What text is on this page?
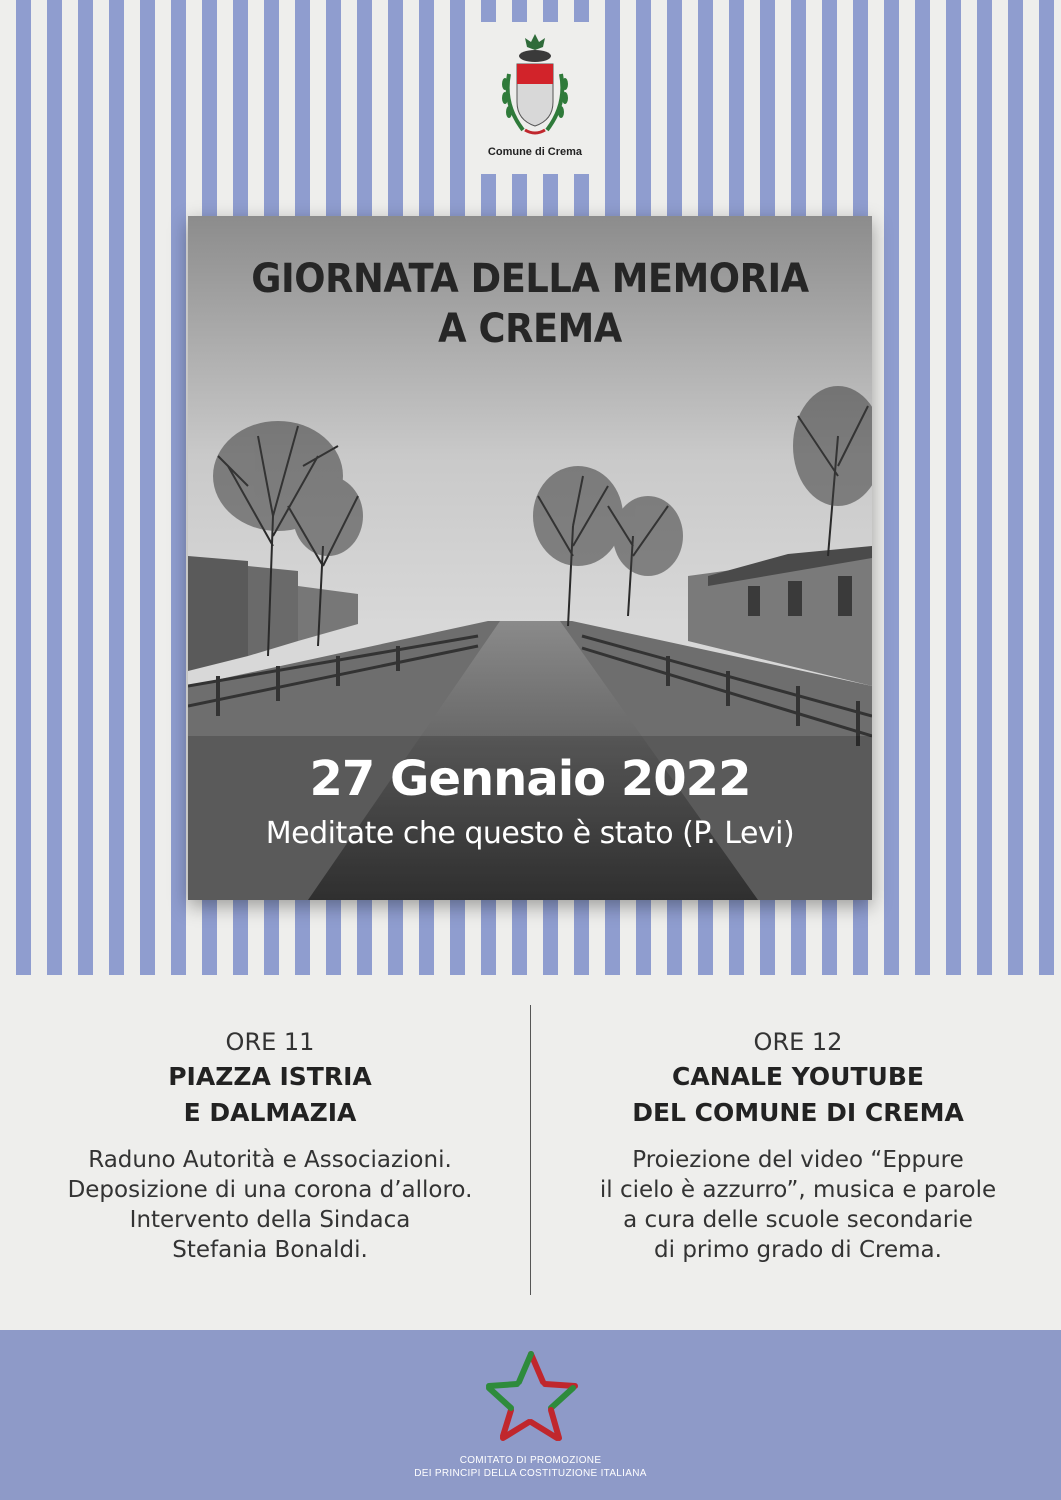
Comune di Crema
GIORNATA DELLA MEMORIA
A CREMA
27 Gennaio 2022
Meditate che questo è stato (P. Levi)
ORE 11
PIAZZA ISTRIA
E DALMAZIA
Raduno Autorità e Associazioni.
Deposizione di una corona d’alloro.
Intervento della Sindaca
Stefania Bonaldi.
ORE 12
CANALE YOUTUBE
DEL COMUNE DI CREMA
Proiezione del video “Eppure
il cielo è azzurro”, musica e parole
a cura delle scuole secondarie
di primo grado di Crema.
COMITATO DI PROMOZIONE
DEI PRINCIPI DELLA COSTITUZIONE ITALIANA
